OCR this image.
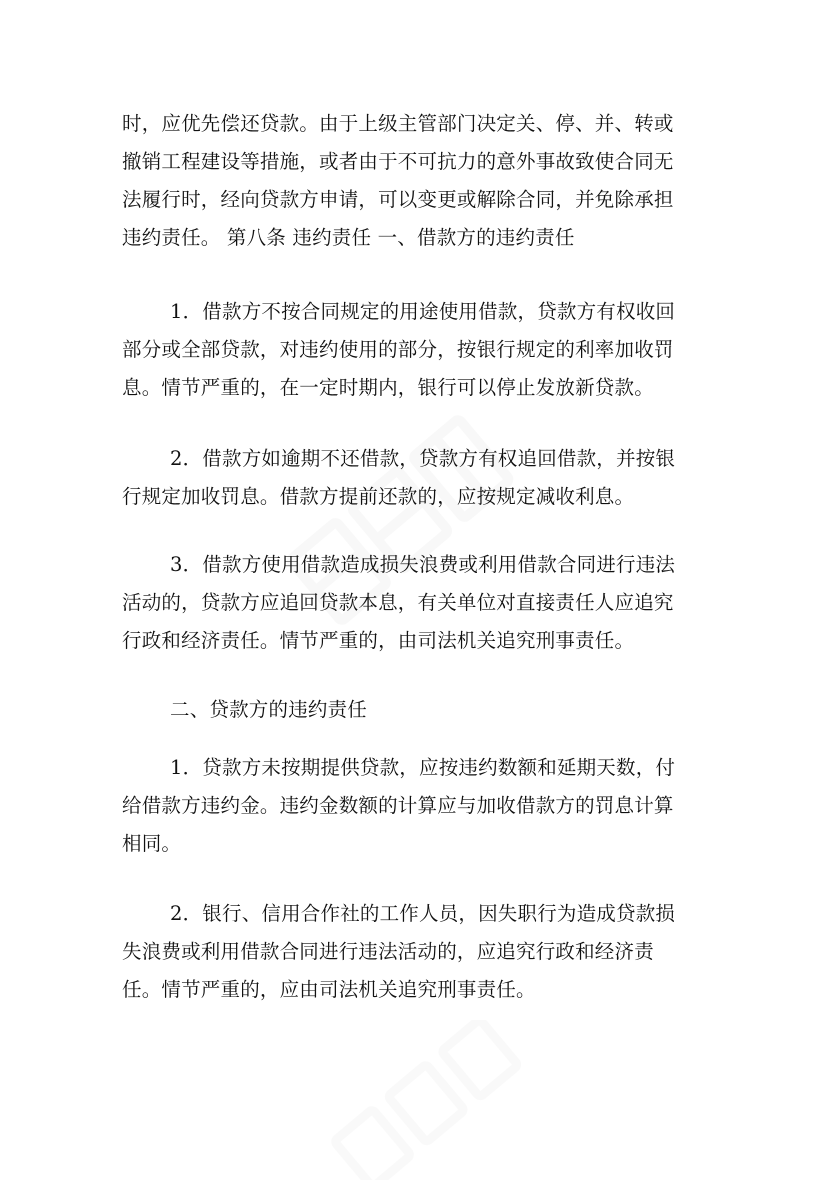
时，应优先偿还贷款。由于上级主管部门决定关、停、并、转或
撤销工程建设等措施，或者由于不可抗力的意外事故致使合同无
法履行时，经向贷款方申请，可以变更或解除合同，并免除承担
违约责任。 第八条 违约责任 一、借款方的违约责任
1．借款方不按合同规定的用途使用借款，贷款方有权收回
部分或全部贷款，对违约使用的部分，按银行规定的利率加收罚
息。情节严重的，在一定时期内，银行可以停止发放新贷款。
2．借款方如逾期不还借款，贷款方有权追回借款，并按银
行规定加收罚息。借款方提前还款的，应按规定减收利息。
3．借款方使用借款造成损失浪费或利用借款合同进行违法
活动的，贷款方应追回贷款本息，有关单位对直接责任人应追究
行政和经济责任。情节严重的，由司法机关追究刑事责任。
二、贷款方的违约责任
1．贷款方未按期提供贷款，应按违约数额和延期天数，付
给借款方违约金。违约金数额的计算应与加收借款方的罚息计算
相同。
2．银行、信用合作社的工作人员，因失职行为造成贷款损
失浪费或利用借款合同进行违法活动的，应追究行政和经济责
任。情节严重的，应由司法机关追究刑事责任。
